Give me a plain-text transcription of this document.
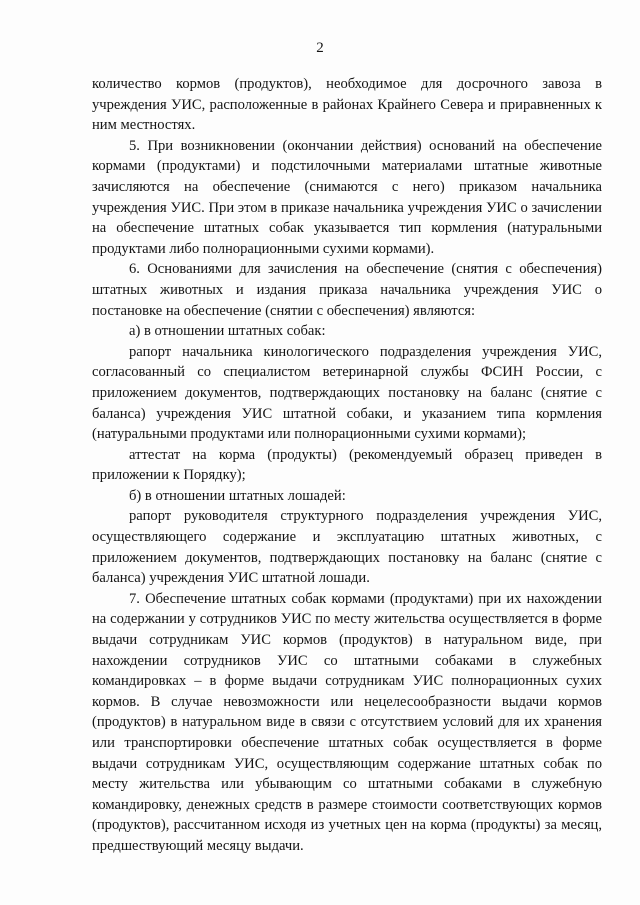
2

количество кормов (продуктов), необходимое для досрочного завоза в учреждения УИС, расположенные в районах Крайнего Севера и приравненных к ним местностях.

5. При возникновении (окончании действия) оснований на обеспечение кормами (продуктами) и подстилочными материалами штатные животные зачисляются на обеспечение (снимаются с него) приказом начальника учреждения УИС. При этом в приказе начальника учреждения УИС о зачислении на обеспечение штатных собак указывается тип кормления (натуральными продуктами либо полнорационными сухими кормами).

6. Основаниями для зачисления на обеспечение (снятия с обеспечения) штатных животных и издания приказа начальника учреждения УИС о постановке на обеспечение (снятии с обеспечения) являются:

а) в отношении штатных собак:

рапорт начальника кинологического подразделения учреждения УИС, согласованный со специалистом ветеринарной службы ФСИН России, с приложением документов, подтверждающих постановку на баланс (снятие с баланса) учреждения УИС штатной собаки, и указанием типа кормления (натуральными продуктами или полнорационными сухими кормами);

аттестат на корма (продукты) (рекомендуемый образец приведен в приложении к Порядку);

б) в отношении штатных лошадей:

рапорт руководителя структурного подразделения учреждения УИС, осуществляющего содержание и эксплуатацию штатных животных, с приложением документов, подтверждающих постановку на баланс (снятие с баланса) учреждения УИС штатной лошади.

7. Обеспечение штатных собак кормами (продуктами) при их нахождении на содержании у сотрудников УИС по месту жительства осуществляется в форме выдачи сотрудникам УИС кормов (продуктов) в натуральном виде, при нахождении сотрудников УИС со штатными собаками в служебных командировках – в форме выдачи сотрудникам УИС полнорационных сухих кормов. В случае невозможности или нецелесообразности выдачи кормов (продуктов) в натуральном виде в связи с отсутствием условий для их хранения или транспортировки обеспечение штатных собак осуществляется в форме выдачи сотрудникам УИС, осуществляющим содержание штатных собак по месту жительства или убывающим со штатными собаками в служебную командировку, денежных средств в размере стоимости соответствующих кормов (продуктов), рассчитанном исходя из учетных цен на корма (продукты) за месяц, предшествующий месяцу выдачи.
